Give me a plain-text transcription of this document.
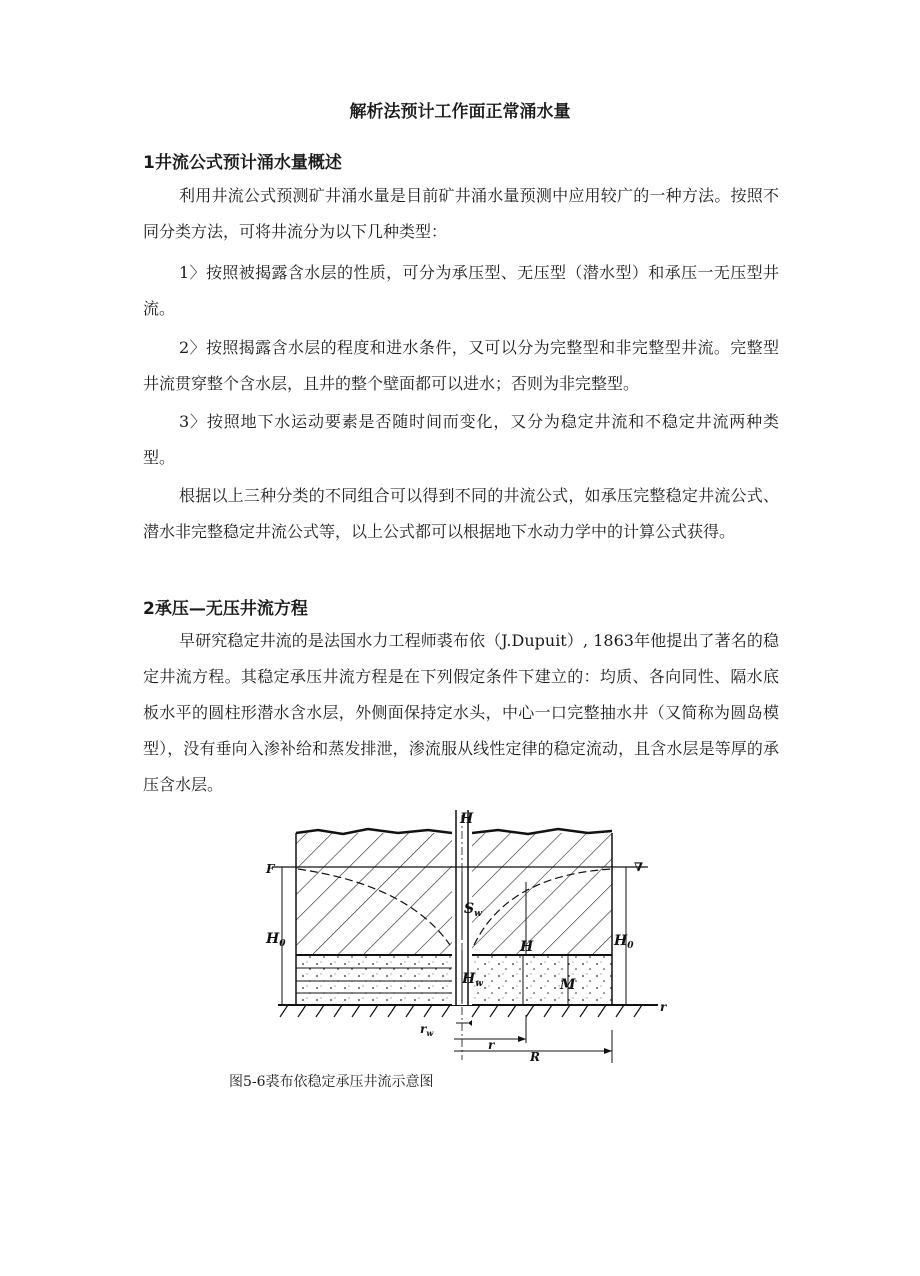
解析法预计工作面正常涌水量
1井流公式预计涌水量概述

利用井流公式预测矿井涌水量是目前矿井涌水量预测中应用较广的一种方法。按照不同分类方法，可将井流分为以下几种类型：

1〉按照被揭露含水层的性质，可分为承压型、无压型（潜水型）和承压一无压型井流。

2〉按照揭露含水层的程度和进水条件，又可以分为完整型和非完整型井流。完整型井流贯穿整个含水层，且井的整个壁面都可以进水；否则为非完整型。

3〉按照地下水运动要素是否随时间而变化，又分为稳定井流和不稳定井流两种类型。

根据以上三种分类的不同组合可以得到不同的井流公式，如承压完整稳定井流公式、潜水非完整稳定井流公式等，以上公式都可以根据地下水动力学中的计算公式获得。

2承压—无压井流方程

早研究稳定井流的是法国水力工程师裘布依（J.Dupuit）, 1863年他提出了著名的稳定井流方程。其稳定承压井流方程是在下列假定条件下建立的：均质、各向同性、隔水底板水平的圆柱形潜水含水层，外侧面保持定水头，中心一口完整抽水井（又简称为圆岛模型），没有垂向入渗补给和蒸发排泄，渗流服从线性定律的稳定流动，且含水层是等厚的承压含水层。

H
F	∇
$H_0$	$H_0$
$S_w$
H
$H_w$	M
r
$r_w$
r
R
图5-6裘布依稳定承压井流示意图
